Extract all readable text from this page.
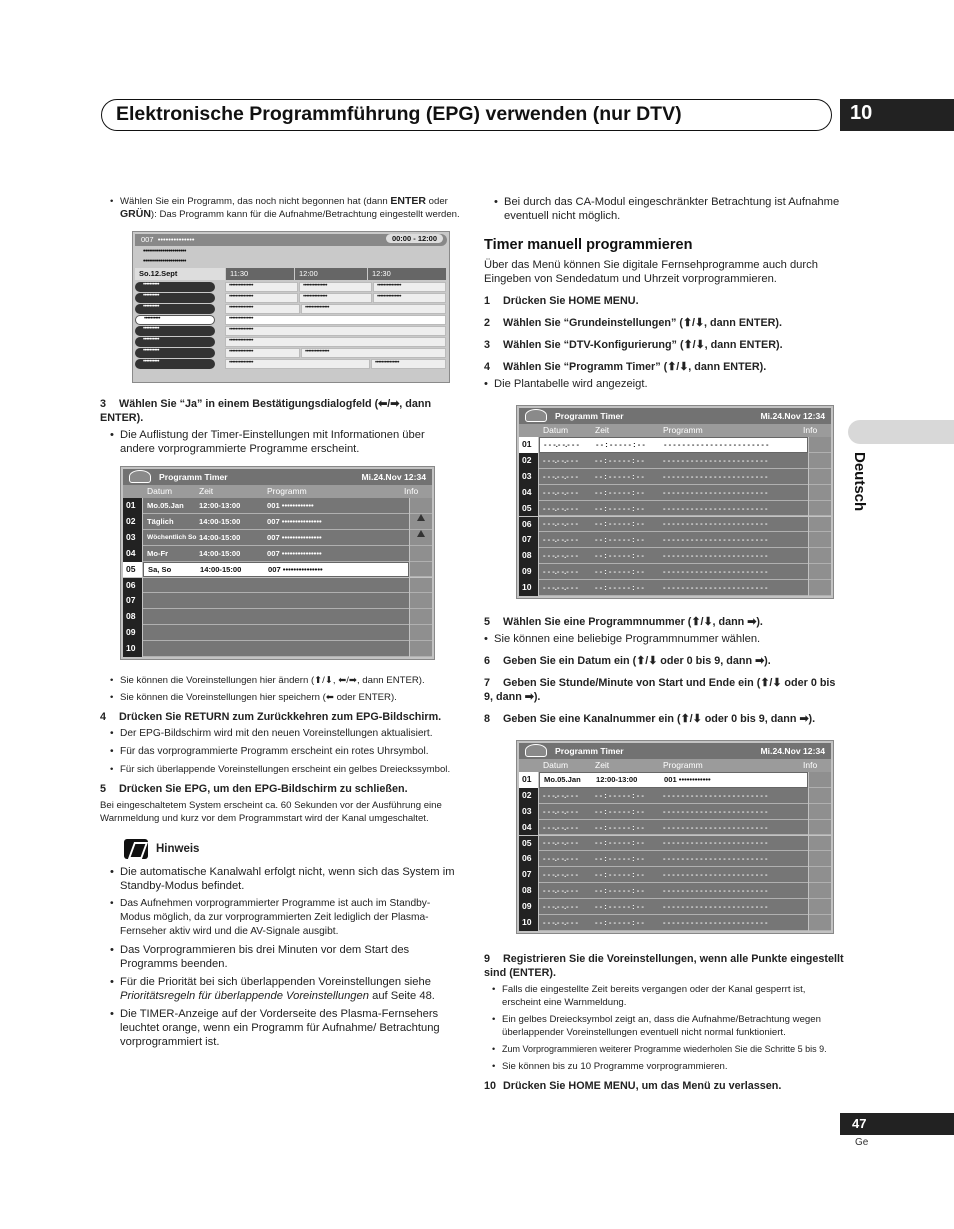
Elektronische Programmführung (EPG) verwenden (nur DTV)	10
Deutsch
47
Ge
• Wählen Sie ein Programm, das noch nicht begonnen hat (dann ENTER oder GRÜN): Das Programm kann für die Aufnahme/Betrachtung eingestellt werden.
007 ••••••••••••••	00:00 - 12:00
••••••••••••••••••••••
••••••••••••••••••••••
So.12.Sept	11:30	12:00	12:30
••••••••••	•••••••••••••••	•••••••••••••••	•••••••••••••••
••••••••••	•••••••••••••••	•••••••••••••••	•••••••••••••••
••••••••••	•••••••••••••••	•••••••••••••••
••••••••••	•••••••••••••••
••••••••••	•••••••••••••••
••••••••••	•••••••••••••••
••••••••••	•••••••••••••••	•••••••••••••••
••••••••••	•••••••••••••••	•••••••••••••••
3 Wählen Sie “Ja” in einem Bestätigungsdialogfeld (⬅/➡, dann ENTER).
• Die Auflistung der Timer-Einstellungen mit Informationen über andere vorprogrammierte Programme erscheint.
Programm Timer	Mi.24.Nov 12:34
Datum	Zeit	Programm	Info
01	Mo.05.Jan	12:00-13:00	001 ••••••••••••
02	Täglich	14:00-15:00	007 •••••••••••••••
03	Wöchentlich So 14:00-15:00	007 •••••••••••••••
04	Mo-Fr	14:00-15:00	007 •••••••••••••••
05	Sa, So	14:00-15:00	007 •••••••••••••••
06
07
08
09
10
• Sie können die Voreinstellungen hier ändern (⬆/⬇, ⬅/➡, dann ENTER).
• Sie können die Voreinstellungen hier speichern (⬅ oder ENTER).
4 Drücken Sie RETURN zum Zurückkehren zum EPG-Bildschirm.
• Der EPG-Bildschirm wird mit den neuen Voreinstellungen aktualisiert.
• Für das vorprogrammierte Programm erscheint ein rotes Uhrsymbol.
• Für sich überlappende Voreinstellungen erscheint ein gelbes Dreieckssymbol.
5 Drücken Sie EPG, um den EPG-Bildschirm zu schließen.
Bei eingeschaltetem System erscheint ca. 60 Sekunden vor der Ausführung eine Warnmeldung und kurz vor dem Programmstart wird der Kanal umgeschaltet.
Hinweis
• Die automatische Kanalwahl erfolgt nicht, wenn sich das System im Standby-Modus befindet.
• Das Aufnehmen vorprogrammierter Programme ist auch im Standby-Modus möglich, da zur vorprogrammierten Zeit lediglich der Plasma-Fernseher aktiv wird und die AV-Signale ausgibt.
• Das Vorprogrammieren bis drei Minuten vor dem Start des Programms beenden.
• Für die Priorität bei sich überlappenden Voreinstellungen siehe Prioritätsregeln für überlappende Voreinstellungen auf Seite 48.
• Die TIMER-Anzeige auf der Vorderseite des Plasma-Fernsehers leuchtet orange, wenn ein Programm für Aufnahme/ Betrachtung vorprogrammiert ist.
• Bei durch das CA-Modul eingeschränkter Betrachtung ist Aufnahme eventuell nicht möglich.
Timer manuell programmieren
Über das Menü können Sie digitale Fernsehprogramme auch durch Eingeben von Sendedatum und Uhrzeit vorprogrammieren.
1 Drücken Sie HOME MENU.
2 Wählen Sie “Grundeinstellungen” (⬆/⬇, dann ENTER).
3 Wählen Sie “DTV-Konfigurierung” (⬆/⬇, dann ENTER).
4 Wählen Sie “Programm Timer” (⬆/⬇, dann ENTER).
• Die Plantabelle wird angezeigt.
Programm Timer	Mi.24.Nov 12:34
Datum	Zeit	Programm	Info
01	- - -.- -.- - -	- - : - - - - - : - -	- - - - - - - - - - - - - - - - - - - - - - -
02	- - -.- -.- - -	- - : - - - - - : - -	- - - - - - - - - - - - - - - - - - - - - - -
03	- - -.- -.- - -	- - : - - - - - : - -	- - - - - - - - - - - - - - - - - - - - - - -
04	- - -.- -.- - -	- - : - - - - - : - -	- - - - - - - - - - - - - - - - - - - - - - -
05	- - -.- -.- - -	- - : - - - - - : - -	- - - - - - - - - - - - - - - - - - - - - - -
06	- - -.- -.- - -	- - : - - - - - : - -	- - - - - - - - - - - - - - - - - - - - - - -
07	- - -.- -.- - -	- - : - - - - - : - -	- - - - - - - - - - - - - - - - - - - - - - -
08	- - -.- -.- - -	- - : - - - - - : - -	- - - - - - - - - - - - - - - - - - - - - - -
09	- - -.- -.- - -	- - : - - - - - : - -	- - - - - - - - - - - - - - - - - - - - - - -
10	- - -.- -.- - -	- - : - - - - - : - -	- - - - - - - - - - - - - - - - - - - - - - -
5 Wählen Sie eine Programmnummer (⬆/⬇, dann ➡).
• Sie können eine beliebige Programmnummer wählen.
6 Geben Sie ein Datum ein (⬆/⬇ oder 0 bis 9, dann ➡).
7 Geben Sie Stunde/Minute von Start und Ende ein (⬆/⬇ oder 0 bis 9, dann ➡).
8 Geben Sie eine Kanalnummer ein (⬆/⬇ oder 0 bis 9, dann ➡).
Programm Timer	Mi.24.Nov 12:34
Datum	Zeit	Programm	Info
01	Mo.05.Jan	12:00-13:00	001 ••••••••••••
02	- - -.- -.- - -	- - : - - - - - : - -	- - - - - - - - - - - - - - - - - - - - - - -
03	- - -.- -.- - -	- - : - - - - - : - -	- - - - - - - - - - - - - - - - - - - - - - -
04	- - -.- -.- - -	- - : - - - - - : - -	- - - - - - - - - - - - - - - - - - - - - - -
05	- - -.- -.- - -	- - : - - - - - : - -	- - - - - - - - - - - - - - - - - - - - - - -
06	- - -.- -.- - -	- - : - - - - - : - -	- - - - - - - - - - - - - - - - - - - - - - -
07	- - -.- -.- - -	- - : - - - - - : - -	- - - - - - - - - - - - - - - - - - - - - - -
08	- - -.- -.- - -	- - : - - - - - : - -	- - - - - - - - - - - - - - - - - - - - - - -
09	- - -.- -.- - -	- - : - - - - - : - -	- - - - - - - - - - - - - - - - - - - - - - -
10	- - -.- -.- - -	- - : - - - - - : - -	- - - - - - - - - - - - - - - - - - - - - - -
9 Registrieren Sie die Voreinstellungen, wenn alle Punkte eingestellt sind (ENTER).
• Falls die eingestellte Zeit bereits vergangen oder der Kanal gesperrt ist, erscheint eine Warnmeldung.
• Ein gelbes Dreiecksymbol zeigt an, dass die Aufnahme/Betrachtung wegen überlappender Voreinstellungen eventuell nicht normal funktioniert.
• Zum Vorprogrammieren weiterer Programme wiederholen Sie die Schritte 5 bis 9.
• Sie können bis zu 10 Programme vorprogrammieren.
10 Drücken Sie HOME MENU, um das Menü zu verlassen.
